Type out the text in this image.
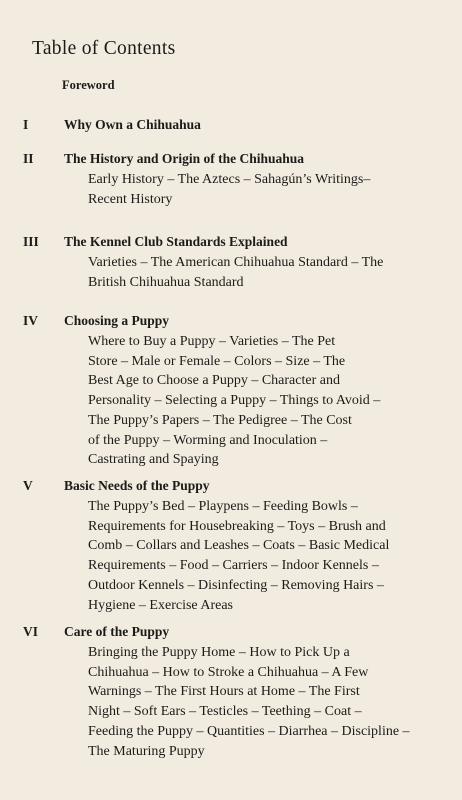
Table of Contents
Foreword
I	Why Own a Chihuahua
II The History and Origin of the Chihuahua
Early History – The Aztecs – Sahagún’s Writings–
Recent History
III The Kennel Club Standards Explained
Varieties – The American Chihuahua Standard – The
British Chihuahua Standard
IV Choosing a Puppy
Where to Buy a Puppy – Varieties – The Pet
Store – Male or Female – Colors – Size – The
Best Age to Choose a Puppy – Character and
Personality – Selecting a Puppy – Things to Avoid –
The Puppy’s Papers – The Pedigree – The Cost
of the Puppy – Worming and Inoculation –
Castrating and Spaying
V Basic Needs of the Puppy
The Puppy’s Bed – Playpens – Feeding Bowls –
Requirements for Housebreaking – Toys – Brush and
Comb – Collars and Leashes – Coats – Basic Medical
Requirements – Food – Carriers – Indoor Kennels –
Outdoor Kennels – Disinfecting – Removing Hairs –
Hygiene – Exercise Areas
VI Care of the Puppy
Bringing the Puppy Home – How to Pick Up a
Chihuahua – How to Stroke a Chihuahua – A Few
Warnings – The First Hours at Home – The First
Night – Soft Ears – Testicles – Teething – Coat –
Feeding the Puppy – Quantities – Diarrhea – Discipline –
The Maturing Puppy
